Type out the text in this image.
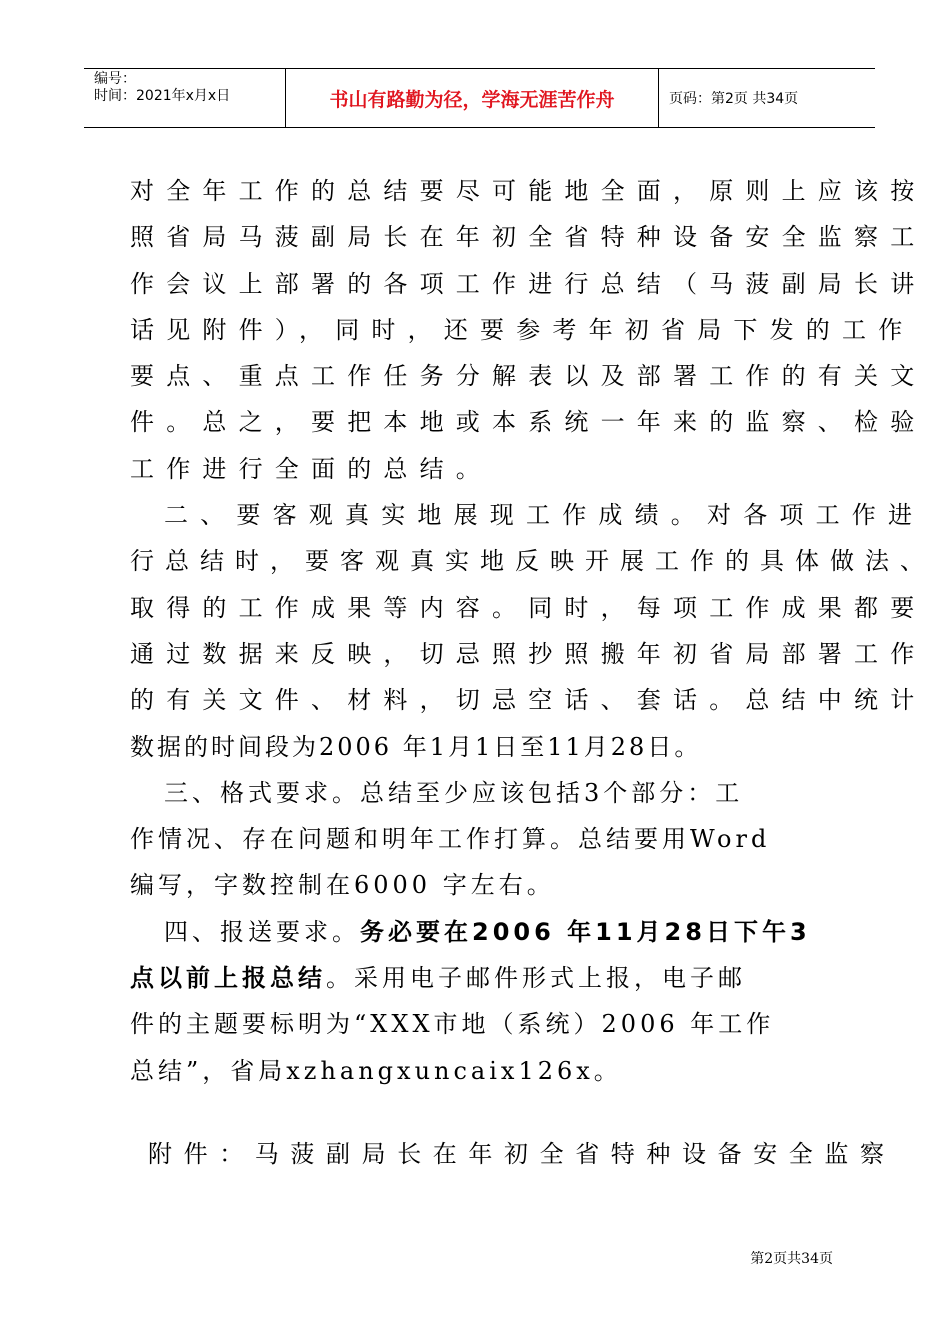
编号：
时间：2021年x月x日	书山有路勤为径，学海无涯苦作舟	页码：第2页 共34页
对全年工作的总结要尽可能地全面，原则上应该按
照省局马菠副局长在年初全省特种设备安全监察工
作会议上部署的各项工作进行总结（马菠副局长讲
话见附件），同时，还要参考年初省局下发的工作
要点、重点工作任务分解表以及部署工作的有关文
件。总之，要把本地或本系统一年来的监察、检验
工作进行全面的总结。
二、要客观真实地展现工作成绩。对各项工作进
行总结时，要客观真实地反映开展工作的具体做法、
取得的工作成果等内容。同时，每项工作成果都要
通过数据来反映，切忌照抄照搬年初省局部署工作
的有关文件、材料，切忌空话、套话。总结中统计
数据的时间段为2006 年1月1日至11月28日。
三、格式要求。总结至少应该包括3个部分：工
作情况、存在问题和明年工作打算。总结要用Word
编写，字数控制在6000 字左右。
四、报送要求。务必要在2006 年11月28日下午3
点以前上报总结。采用电子邮件形式上报，电子邮
件的主题要标明为“XXX市地（系统）2006 年工作
总结”，省局xzhangxuncaix126x。
附件：马菠副局长在年初全省特种设备安全监察
第2页共34页
